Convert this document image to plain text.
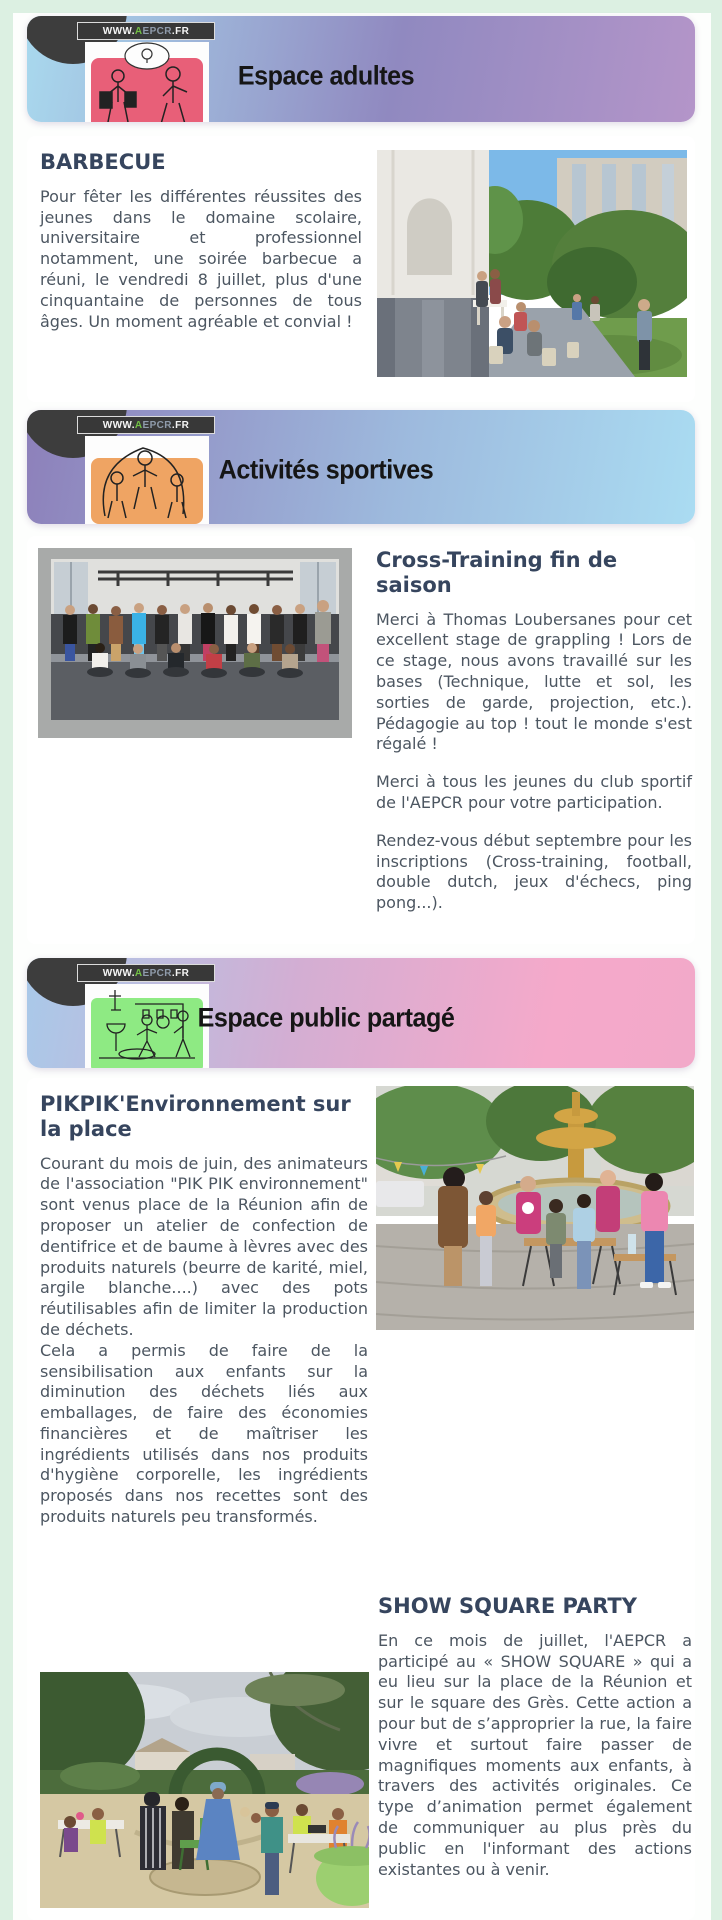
WWW. A EPCR .FR
Espace adultes
BARBECUE

Pour fêter les différentes réussites des jeunes dans le domaine scolaire, universitaire et professionnel notamment, une soirée barbecue a réuni, le vendredi 8 juillet, plus d'une cinquantaine de personnes de tous âges. Un moment agréable et convial !

WWW. A EPCR .FR
Activités sportives
Cross-Training fin de saison

Merci à Thomas Loubersanes pour cet excellent stage de grappling ! Lors de ce stage, nous avons travaillé sur les bases (Technique, lutte et sol, les sorties de garde, projection, etc.). Pédagogie au top ! tout le monde s'est régalé !

Merci à tous les jeunes du club sportif de l'AEPCR pour votre participation.

Rendez-vous début septembre pour les inscriptions (Cross-training, football, double dutch, jeux d'échecs, ping pong...).

WWW. A EPCR .FR
Espace public partagé
PIKPIK'Environnement sur la place

Courant du mois de juin, des animateurs de l'association "PIK PIK environnement" sont venus place de la Réunion afin de proposer un atelier de confection de dentifrice et de baume à lèvres avec des produits naturels (beurre de karité, miel, argile blanche....) avec des pots réutilisables afin de limiter la production de déchets.

Cela a permis de faire de la sensibilisation aux enfants sur la diminution des déchets liés aux emballages, de faire des économies financières et de maîtriser les ingrédients utilisés dans nos produits d'hygiène corporelle, les ingrédients proposés dans nos recettes sont des produits naturels peu transformés.

SHOW SQUARE PARTY

En ce mois de juillet, l'AEPCR a participé au « SHOW SQUARE » qui a eu lieu sur la place de la Réunion et sur le square des Grès. Cette action a pour but de s’approprier la rue, la faire vivre et surtout faire passer de magnifiques moments aux enfants, à travers des activités originales. Ce type d’animation permet également de communiquer au plus près du public en l'informant des actions existantes ou à venir.
